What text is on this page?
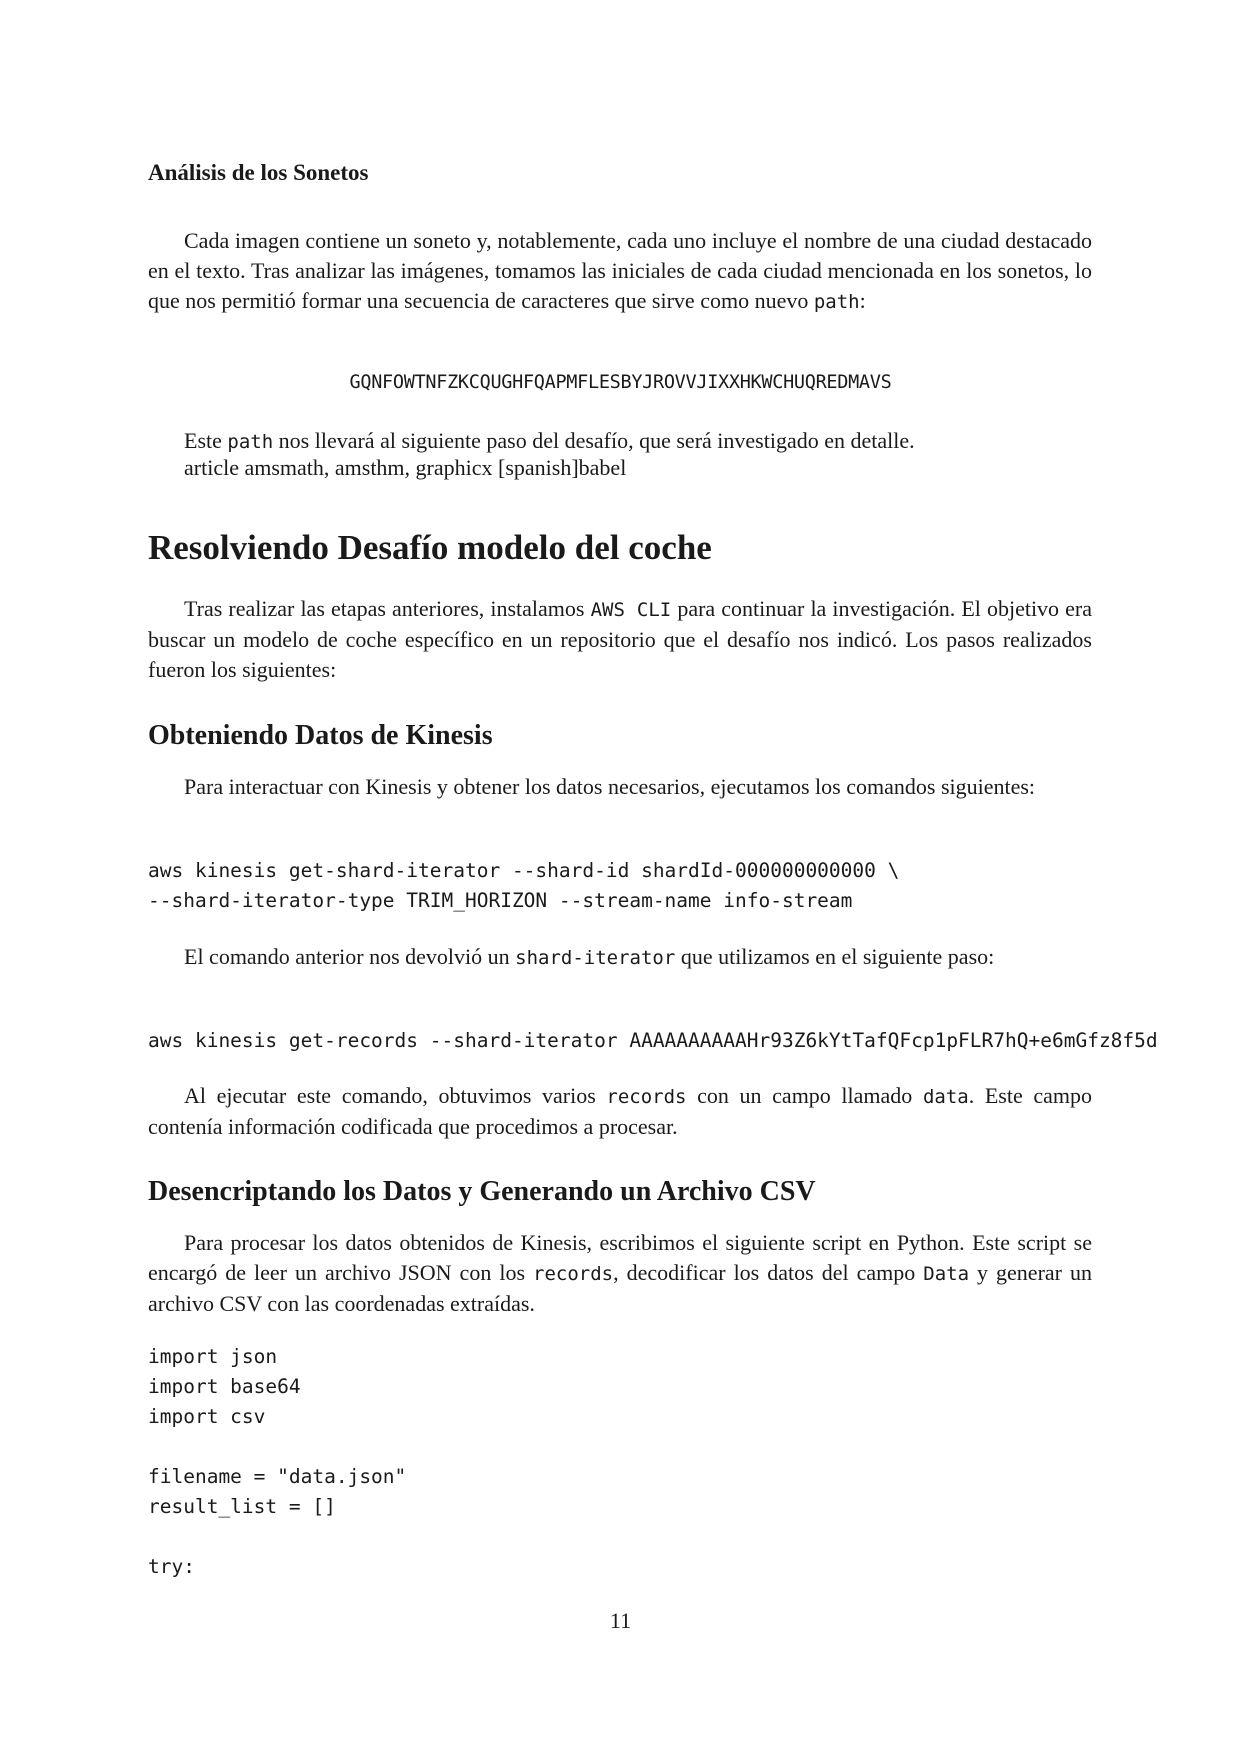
Análisis de los Sonetos
Cada imagen contiene un soneto y, notablemente, cada uno incluye el nombre de una ciudad destacado en el texto. Tras analizar las imágenes, tomamos las iniciales de cada ciudad mencionada en los sonetos, lo que nos permitió formar una secuencia de caracteres que sirve como nuevo path:
GQNFOWTNFZKCQUGHFQAPMFLESBYJROVVJIXXHKWCHUQREDMAVS
Este path nos llevará al siguiente paso del desafío, que será investigado en detalle.
article amsmath, amsthm, graphicx [spanish]babel
Resolviendo Desafío modelo del coche
Tras realizar las etapas anteriores, instalamos AWS CLI para continuar la investigación. El objetivo era buscar un modelo de coche específico en un repositorio que el desafío nos indicó. Los pasos realizados fueron los siguientes:
Obteniendo Datos de Kinesis
Para interactuar con Kinesis y obtener los datos necesarios, ejecutamos los comandos siguientes:
aws kinesis get-shard-iterator --shard-id shardId-000000000000 \
--shard-iterator-type TRIM_HORIZON --stream-name info-stream
El comando anterior nos devolvió un shard-iterator que utilizamos en el siguiente paso:
aws kinesis get-records --shard-iterator AAAAAAAAAAHr93Z6kYtTafQFcp1pFLR7hQ+e6mGfz8f5d
Al ejecutar este comando, obtuvimos varios records con un campo llamado data. Este campo contenía información codificada que procedimos a procesar.
Desencriptando los Datos y Generando un Archivo CSV
Para procesar los datos obtenidos de Kinesis, escribimos el siguiente script en Python. Este script se encargó de leer un archivo JSON con los records, decodificar los datos del campo Data y generar un archivo CSV con las coordenadas extraídas.
import json
import base64
import csv
filename = "data.json"
result_list = []
try:
11
